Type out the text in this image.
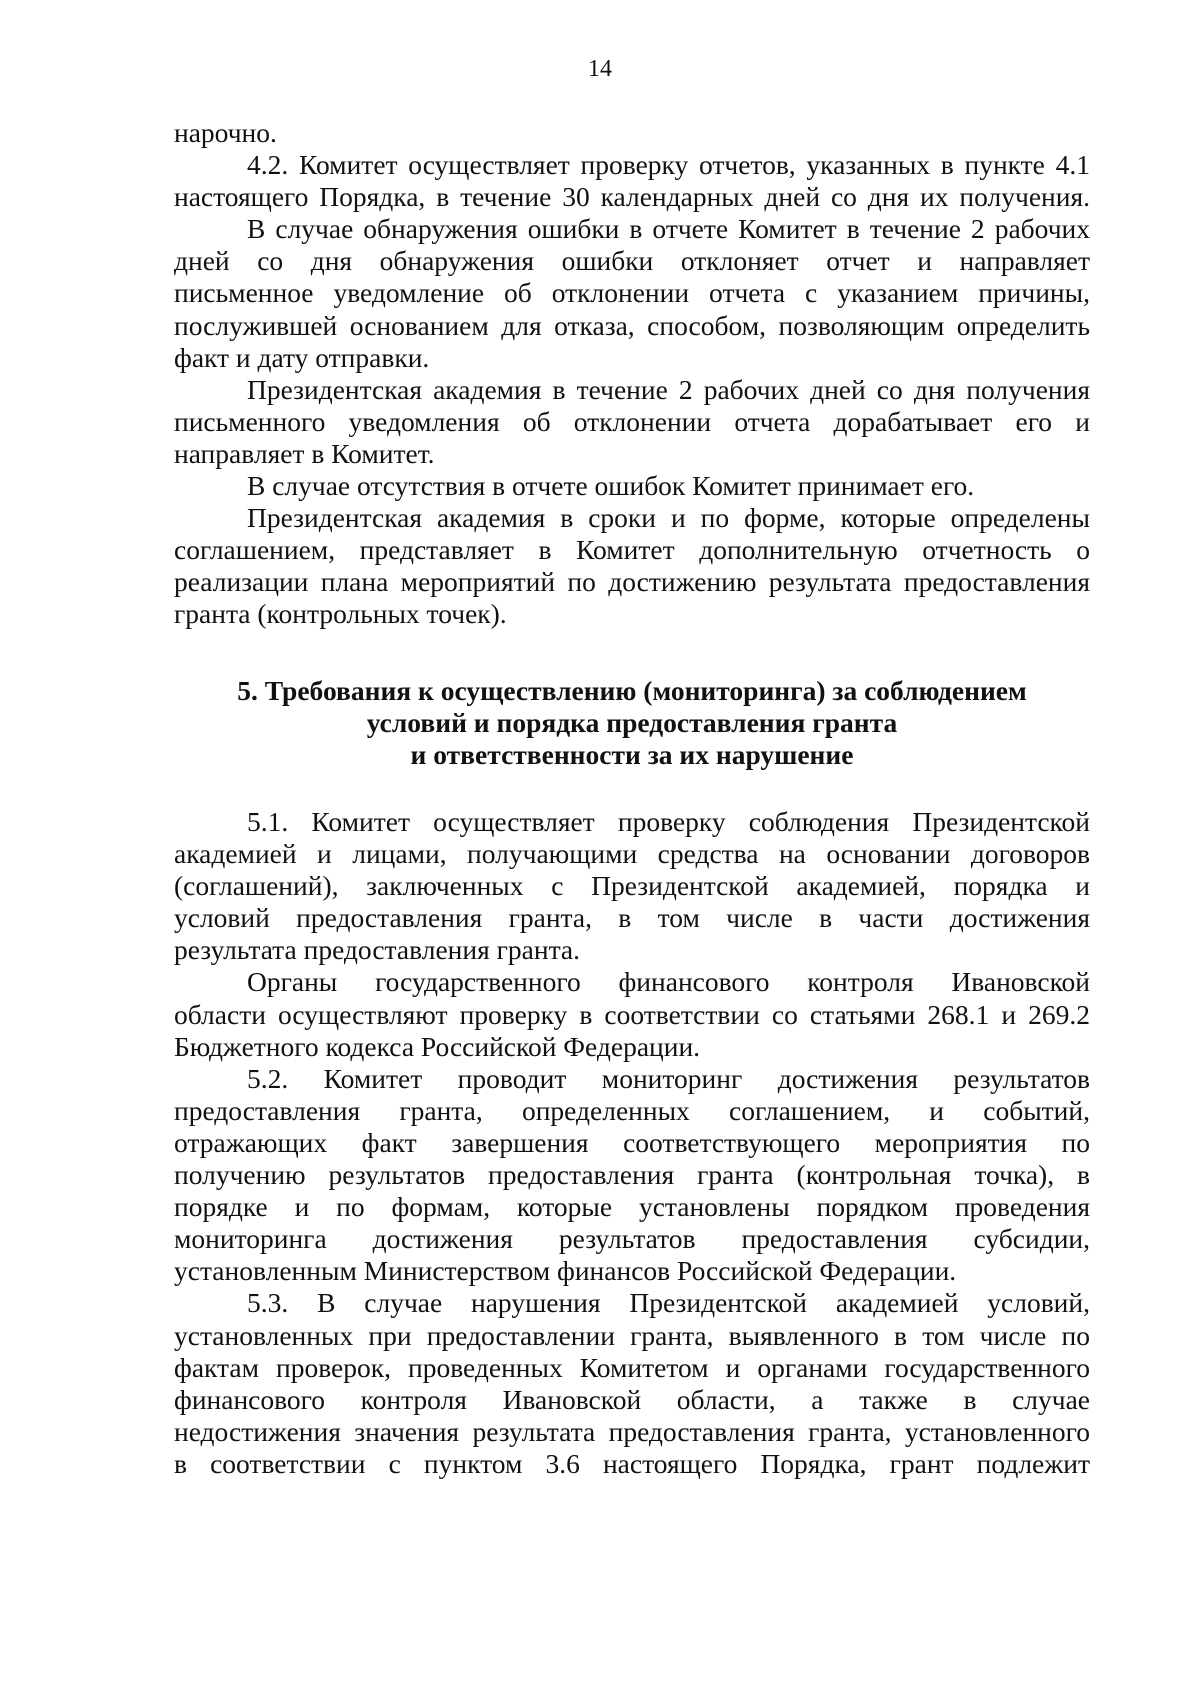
14
нарочно.
4.2. Комитет осуществляет проверку отчетов, указанных в пункте 4.1
настоящего Порядка, в течение 30 календарных дней со дня их получения.
В случае обнаружения ошибки в отчете Комитет в течение 2 рабочих
дней со дня обнаружения ошибки отклоняет отчет и направляет
письменное уведомление об отклонении отчета с указанием причины,
послужившей основанием для отказа, способом, позволяющим определить
факт и дату отправки.
Президентская академия в течение 2 рабочих дней со дня получения
письменного уведомления об отклонении отчета дорабатывает его и
направляет в Комитет.
В случае отсутствия в отчете ошибок Комитет принимает его.
Президентская академия в сроки и по форме, которые определены
соглашением, представляет в Комитет дополнительную отчетность о
реализации плана мероприятий по достижению результата предоставления
гранта (контрольных точек).
5. Требования к осуществлению (мониторинга) за соблюдением
условий и порядка предоставления гранта
и ответственности за их нарушение
5.1. Комитет осуществляет проверку соблюдения Президентской
академией и лицами, получающими средства на основании договоров
(соглашений), заключенных с Президентской академией, порядка и
условий предоставления гранта, в том числе в части достижения
результата предоставления гранта.
Органы государственного финансового контроля Ивановской
области осуществляют проверку в соответствии со статьями 268.1 и 269.2
Бюджетного кодекса Российской Федерации.
5.2. Комитет проводит мониторинг достижения результатов
предоставления гранта, определенных соглашением, и событий,
отражающих факт завершения соответствующего мероприятия по
получению результатов предоставления гранта (контрольная точка), в
порядке и по формам, которые установлены порядком проведения
мониторинга достижения результатов предоставления субсидии,
установленным Министерством финансов Российской Федерации.
5.3. В случае нарушения Президентской академией условий,
установленных при предоставлении гранта, выявленного в том числе по
фактам проверок, проведенных Комитетом и органами государственного
финансового контроля Ивановской области, а также в случае
недостижения значения результата предоставления гранта, установленного
в соответствии с пунктом 3.6 настоящего Порядка, грант подлежит
